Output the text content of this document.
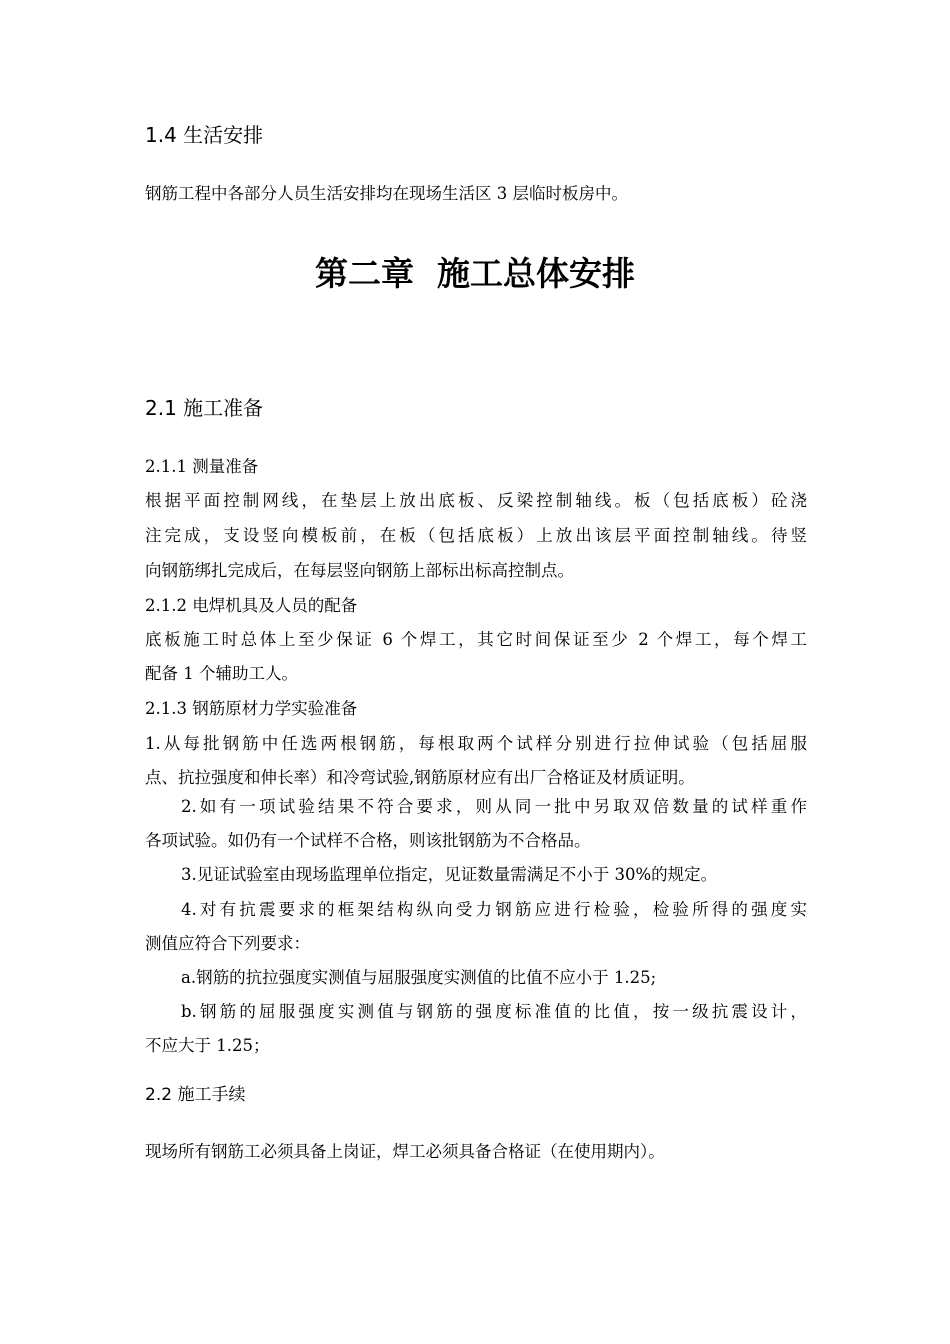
1.4 生活安排
钢筋工程中各部分人员生活安排均在现场生活区 3 层临时板房中。
第二章  施工总体安排
2.1 施工准备
2.1.1 测量准备
根据平面控制网线，在垫层上放出底板、反梁控制轴线。板（包括底板）砼浇
注完成，支设竖向模板前，在板（包括底板）上放出该层平面控制轴线。待竖
向钢筋绑扎完成后，在每层竖向钢筋上部标出标高控制点。
2.1.2 电焊机具及人员的配备
底板施工时总体上至少保证 6 个焊工，其它时间保证至少 2 个焊工，每个焊工
配备 1 个辅助工人。
2.1.3 钢筋原材力学实验准备
1.从每批钢筋中任选两根钢筋，每根取两个试样分别进行拉伸试验（包括屈服
点、抗拉强度和伸长率）和冷弯试验,钢筋原材应有出厂合格证及材质证明。
2.如有一项试验结果不符合要求，则从同一批中另取双倍数量的试样重作
各项试验。如仍有一个试样不合格，则该批钢筋为不合格品。
3.见证试验室由现场监理单位指定，见证数量需满足不小于 30%的规定。
4.对有抗震要求的框架结构纵向受力钢筋应进行检验，检验所得的强度实
测值应符合下列要求：
a.钢筋的抗拉强度实测值与屈服强度实测值的比值不应小于 1.25;
b.钢筋的屈服强度实测值与钢筋的强度标准值的比值，按一级抗震设计，
不应大于 1.25；
2.2 施工手续
现场所有钢筋工必须具备上岗证，焊工必须具备合格证（在使用期内）。
